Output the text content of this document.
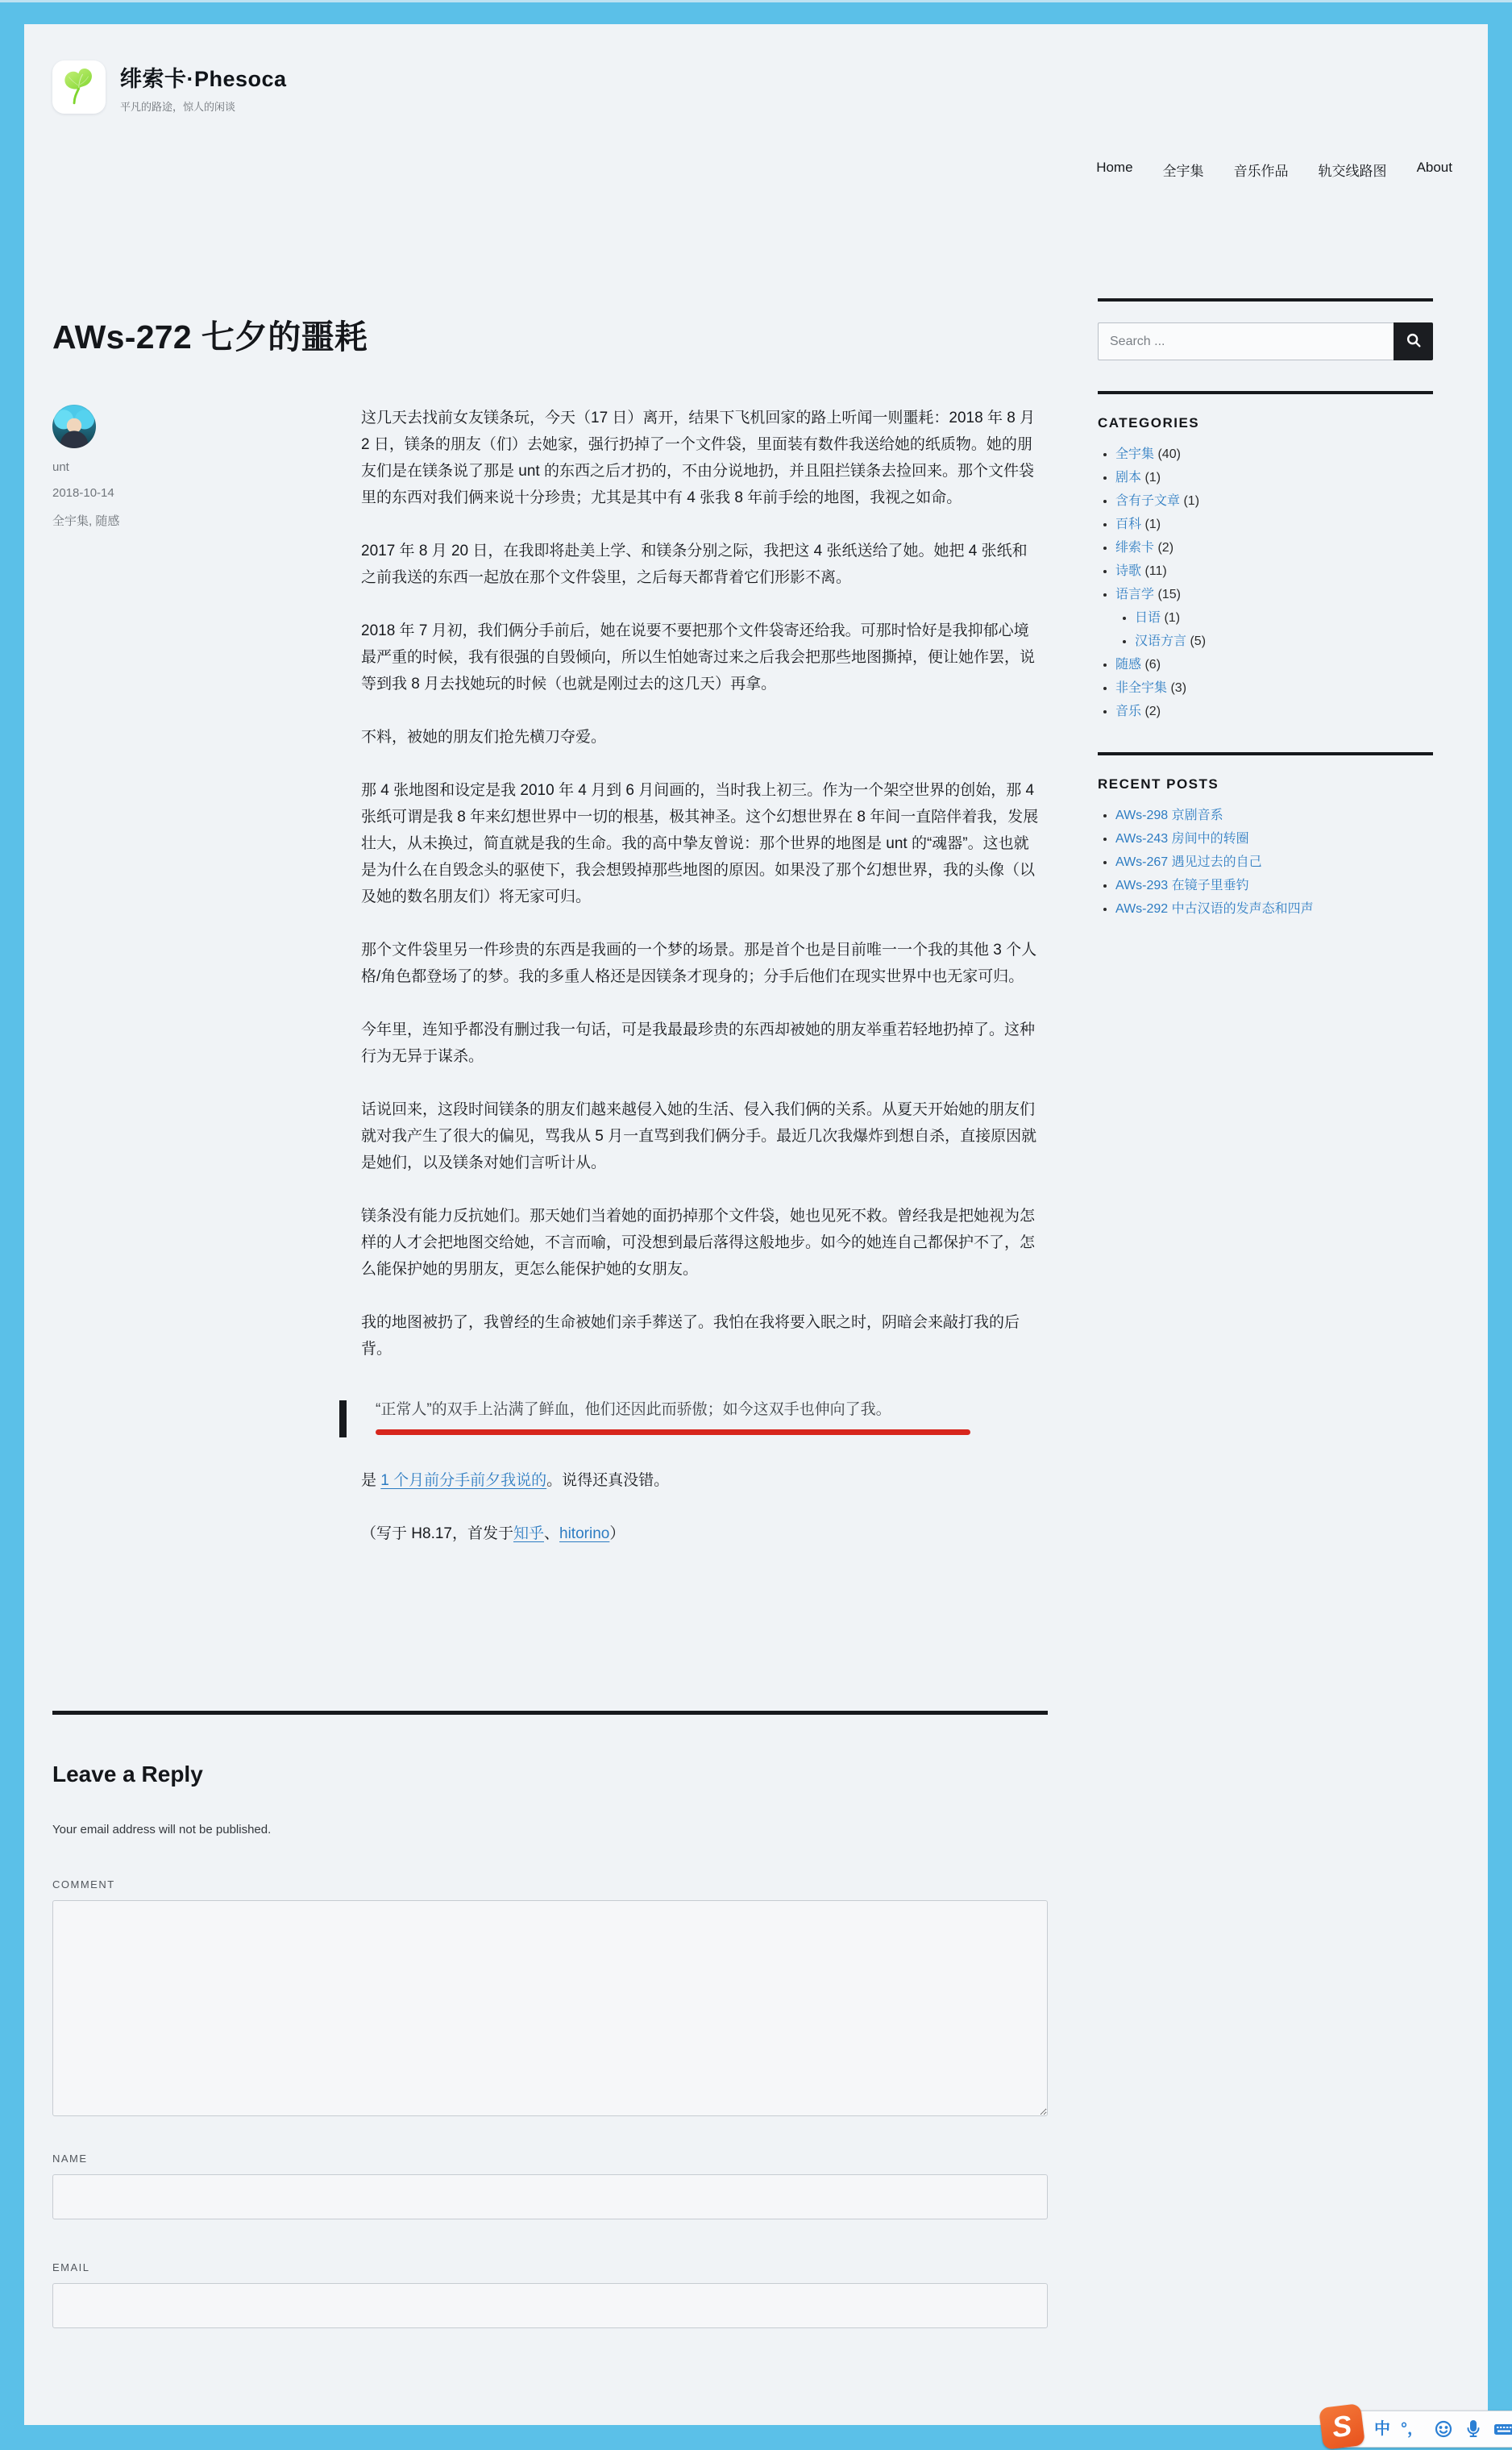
绯索卡·Phesoca
平凡的路途，惊人的闲谈
Home 全宇集 音乐作品 轨交线路图 About
AWs-272 七夕的噩耗
unt
2018-10-14
全宇集, 随感

这几天去找前女友镁条玩，今天（17 日）离开，结果下飞机回家的路上听闻一则噩耗：2018 年 8 月 2 日，镁条的朋友（们）去她家，强行扔掉了一个文件袋，里面装有数件我送给她的纸质物。她的朋友们是在镁条说了那是 unt 的东西之后才扔的，不由分说地扔，并且阻拦镁条去捡回来。那个文件袋里的东西对我们俩来说十分珍贵；尤其是其中有 4 张我 8 年前手绘的地图，我视之如命。

2017 年 8 月 20 日，在我即将赴美上学、和镁条分别之际，我把这 4 张纸送给了她。她把 4 张纸和之前我送的东西一起放在那个文件袋里，之后每天都背着它们形影不离。

2018 年 7 月初，我们俩分手前后，她在说要不要把那个文件袋寄还给我。可那时恰好是我抑郁心境最严重的时候，我有很强的自毁倾向，所以生怕她寄过来之后我会把那些地图撕掉，便让她作罢，说等到我 8 月去找她玩的时候（也就是刚过去的这几天）再拿。

不料，被她的朋友们抢先横刀夺爱。

那 4 张地图和设定是我 2010 年 4 月到 6 月间画的，当时我上初三。作为一个架空世界的创始，那 4 张纸可谓是我 8 年来幻想世界中一切的根基，极其神圣。这个幻想世界在 8 年间一直陪伴着我，发展壮大，从未换过，简直就是我的生命。我的高中挚友曾说：那个世界的地图是 unt 的“魂器”。这也就是为什么在自毁念头的驱使下，我会想毁掉那些地图的原因。如果没了那个幻想世界，我的头像（以及她的数名朋友们）将无家可归。

那个文件袋里另一件珍贵的东西是我画的一个梦的场景。那是首个也是目前唯一一个我的其他 3 个人格/角色都登场了的梦。我的多重人格还是因镁条才现身的；分手后他们在现实世界中也无家可归。

今年里，连知乎都没有删过我一句话，可是我最最珍贵的东西却被她的朋友举重若轻地扔掉了。这种行为无异于谋杀。

话说回来，这段时间镁条的朋友们越来越侵入她的生活、侵入我们俩的关系。从夏天开始她的朋友们就对我产生了很大的偏见，骂我从 5 月一直骂到我们俩分手。最近几次我爆炸到想自杀，直接原因就是她们，以及镁条对她们言听计从。

镁条没有能力反抗她们。那天她们当着她的面扔掉那个文件袋，她也见死不救。曾经我是把她视为怎样的人才会把地图交给她，不言而喻，可没想到最后落得这般地步。如今的她连自己都保护不了，怎么能保护她的男朋友，更怎么能保护她的女朋友。

我的地图被扔了，我曾经的生命被她们亲手葬送了。我怕在我将要入眠之时，阴暗会来敲打我的后背。

“正常人”的双手上沾满了鲜血，他们还因此而骄傲；如今这双手也伸向了我。

是 1 个月前分手前夕我说的。说得还真没错。

（写于 H8.17，首发于知乎、hitorino）

Leave a Reply
Your email address will not be published.
COMMENT
NAME
EMAIL
Search ...
CATEGORIES
• 全宇集 (40)
• 剧本 (1)
• 含有子文章 (1)
• 百科 (1)
• 绯索卡 (2)
• 诗歌 (11)
• 语言学 (15)
• 日语 (1)
• 汉语方言 (5)
• 随感 (6)
• 非全宇集 (3)
• 音乐 (2)
RECENT POSTS
• AWs-298 京剧音系
• AWs-243 房间中的转圈
• AWs-267 遇见过去的自己
• AWs-293 在镜子里垂钓
• AWs-292 中古汉语的发声态和四声
S	中 °，
